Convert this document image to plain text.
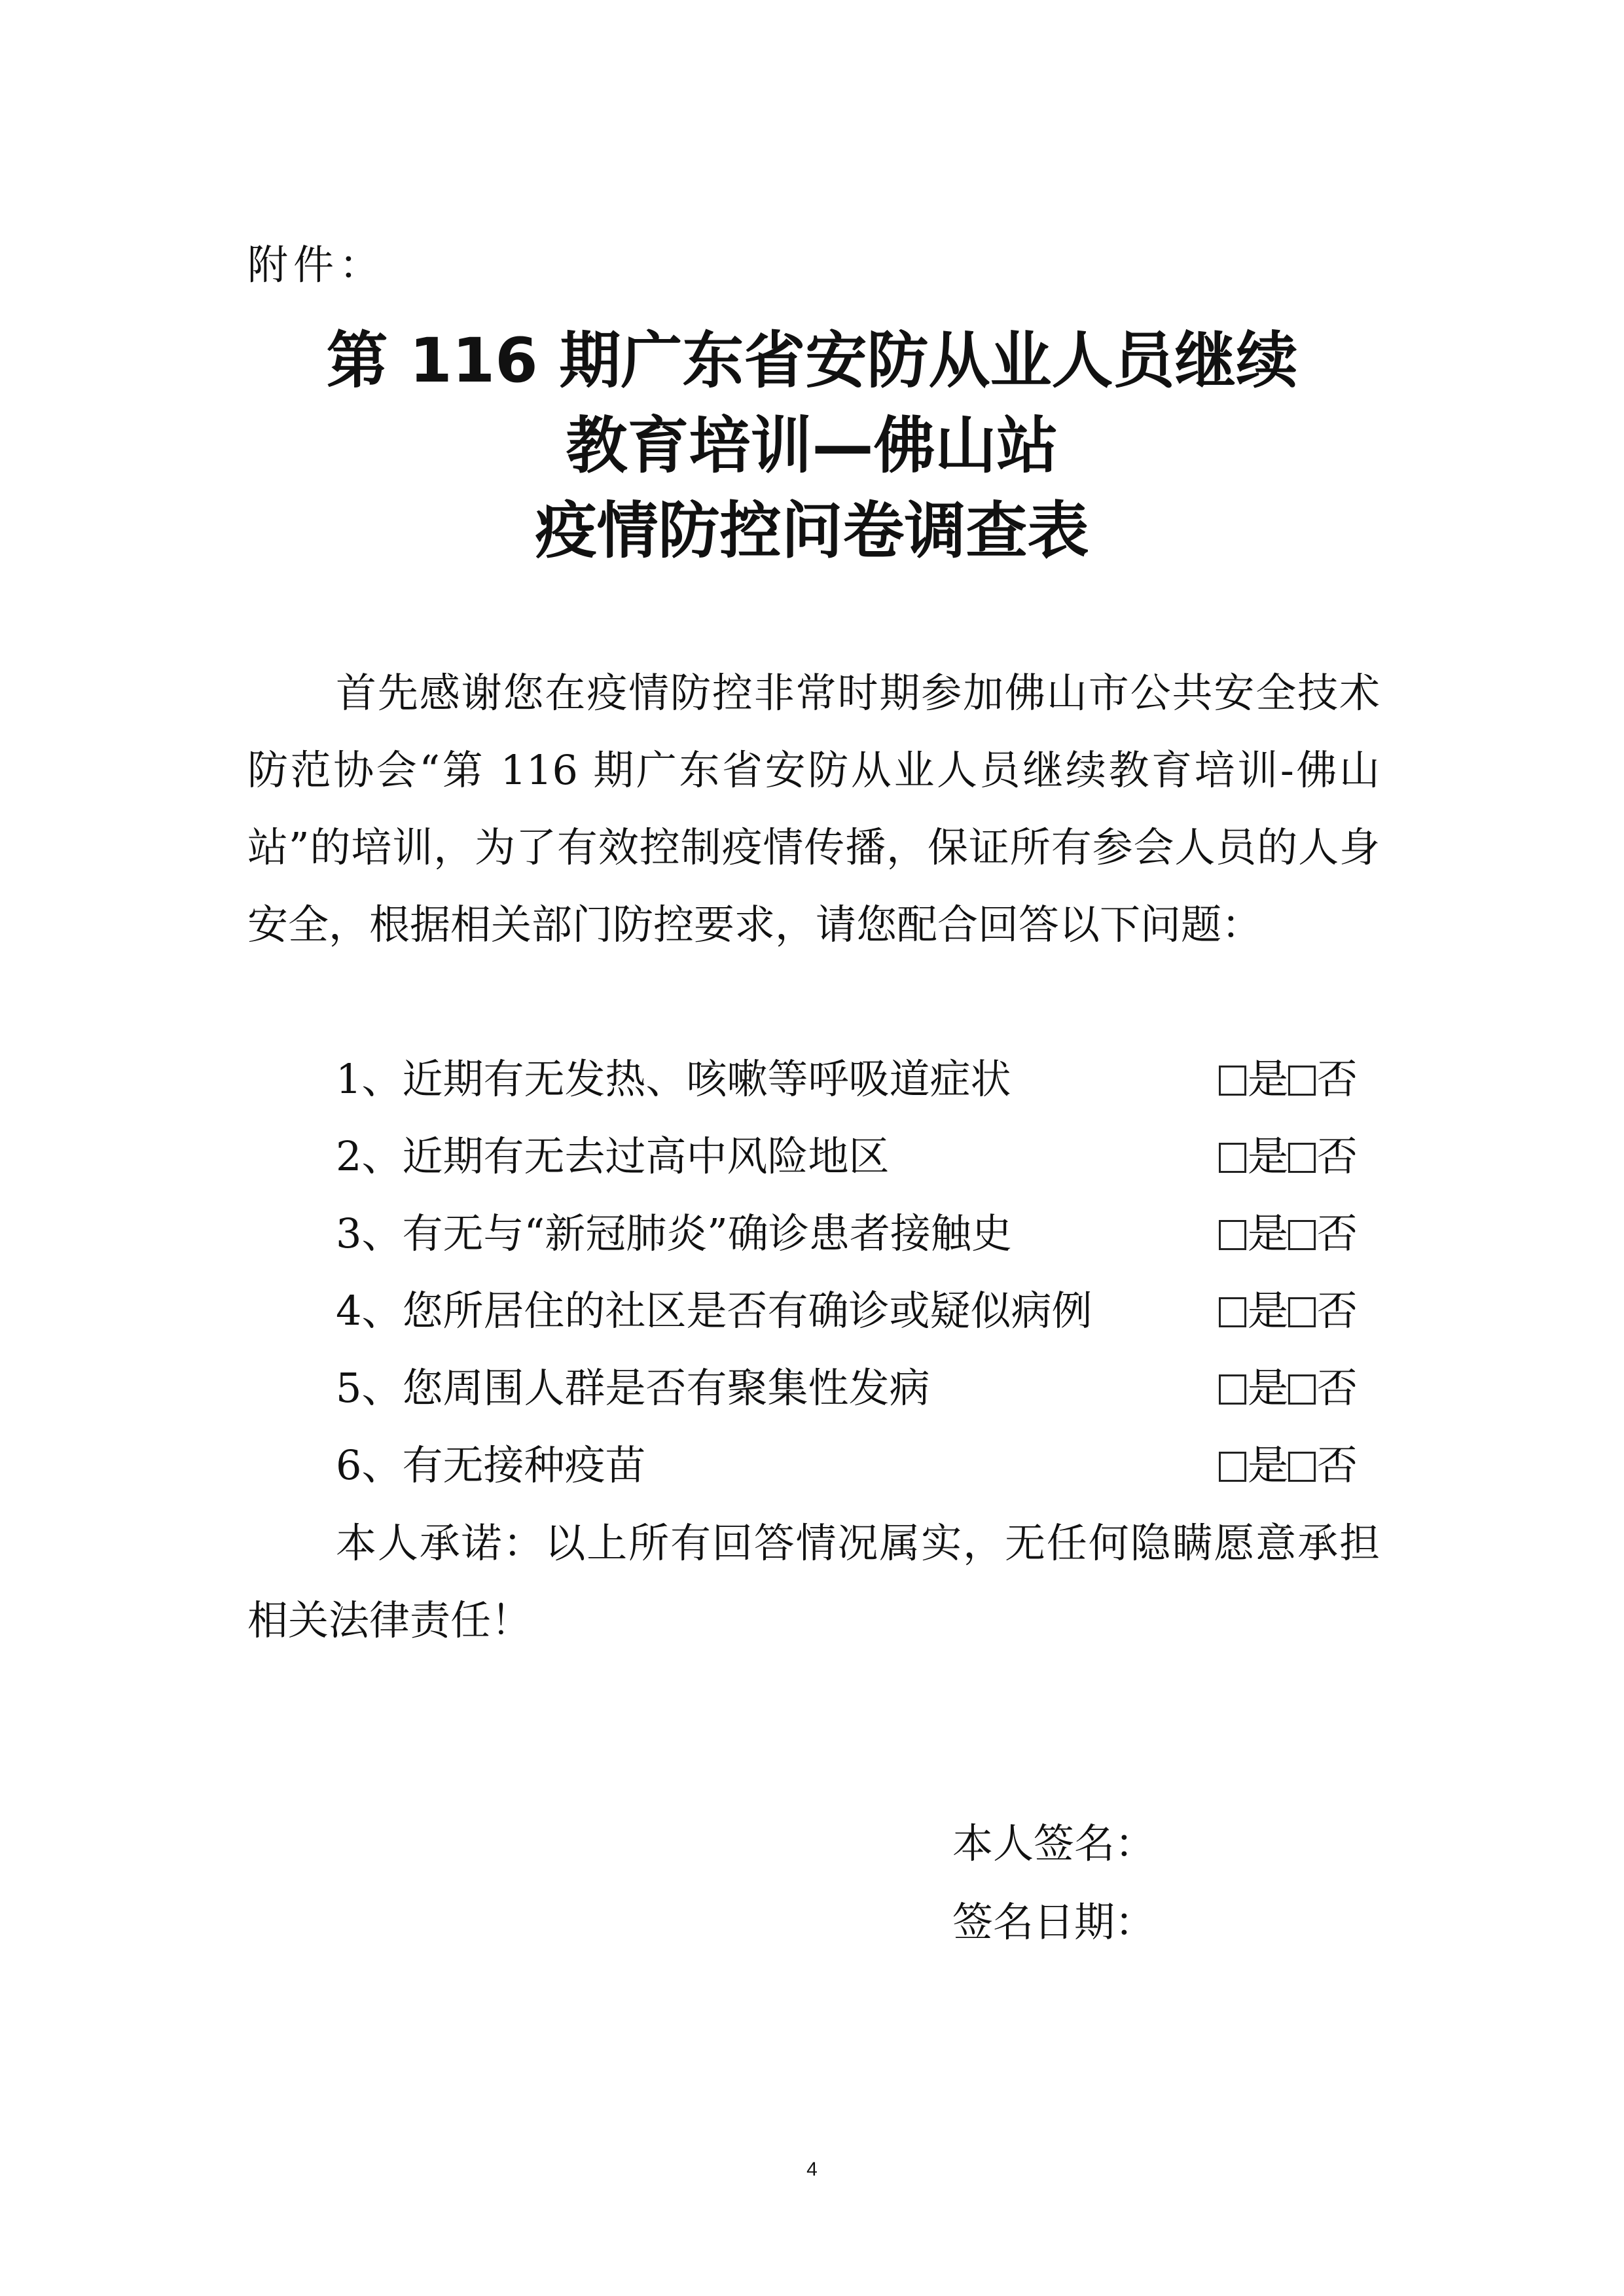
附件：
第 116 期广东省安防从业人员继续
教育培训—佛山站
疫情防控问卷调查表

首先感谢您在疫情防控非常时期参加佛山市公共安全技术防范协会“第 116 期广东省安防从业人员继续教育培训-佛山站”的培训，为了有效控制疫情传播，保证所有参会人员的人身安全，根据相关部门防控要求，请您配合回答以下问题：

1、近期有无发热、咳嗽等呼吸道症状	是 否
2、近期有无去过高中风险地区	是 否
3、有无与“新冠肺炎”确诊患者接触史	是 否
4、您所居住的社区是否有确诊或疑似病例	是 否
5、您周围人群是否有聚集性发病	是 否
6、有无接种疫苗	是 否

本人承诺：以上所有回答情况属实，无任何隐瞒愿意承担相关法律责任！

本人签名：
签名日期：
4
